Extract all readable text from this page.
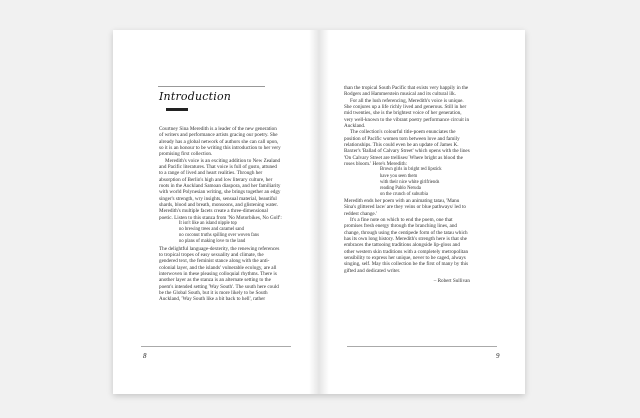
Introduction

Courtney Sina Meredith is a leader of the new generation of writers and performance artists gracing our poetry. She already has a global network of authors she can call upon, so it is an honour to be writing this introduction to her very promising first collection.

Meredith's voice is an exciting addition to New Zealand and Pacific literatures. That voice is full of gusto, attuned to a range of lived and heart realities. Through her absorption of Berlin's high and low literary culture, her roots in the Auckland Samoan diaspora, and her familiarity with world Polynesian writing, she brings together an edgy singer's strength, wry insights, sensual material, beautiful shards, blood and breath, monsoons, and glistening water. Meredith's multiple facets create a three-dimensional poetic. Listen to this stanza from 'No Motorbikes, No Golf':

It isn't like an island nipple top
no brewing trees and caramel sand
no coconut truths spilling over woven fans
no plans of making love to the land

The delightful language-dexterity, the renewing references to tropical tropes of easy sexuality and climate, the gendered text, the feminist stance along with the anti-colonial layer, and the islands' vulnerable ecology, are all interwoven in these pleasing colloquial rhythms. There is another layer as the stanza is an alternate setting to the poem's intended setting 'Way South'. The south here could be the Global South, but it is more likely to be South Auckland, 'Way South like a bit back to hell', rather

8

than the tropical South Pacific that exists very happily in the Rodgers and Hammerstein musical and its cultural ilk.

For all the lush referencing, Meredith's voice is unique. She conjures up a life richly lived and generous. Still in her mid twenties, she is the brightest voice of her generation, very well-known to the vibrant poetry performance circuit in Auckland.

The collection's colourful title-poem enunciates the position of Pacific women torn between love and family relationships. This could even be an update of James K. Baxter's 'Ballad of Calvary Street' which opens with the lines 'On Calvary Street are trellises/ Where bright as blood the roses bloom.' Here's Meredith:

Brown girls in bright red lipstick
have you seen them
with their nice white girlfriends
reading Pablo Neruda
on the crunch of suburbia

Meredith ends her poem with an animating tatau, 'Manu Sina's glittered lace/ are they veins or blue pathways/ led to reddest change.'

It's a fine note on which to end the poem, one that promises fresh energy through the branching lines, and change, through using the centipede form of the tatau which has its own long history. Meredith's strength here is that she embraces the tattooing traditions alongside lip-gloss and other western skin traditions with a completely metropolitan sensibility to express her unique, never to be caged, always singing, self. May this collection be the first of many by this gifted and dedicated writer.

– Robert Sullivan

9
